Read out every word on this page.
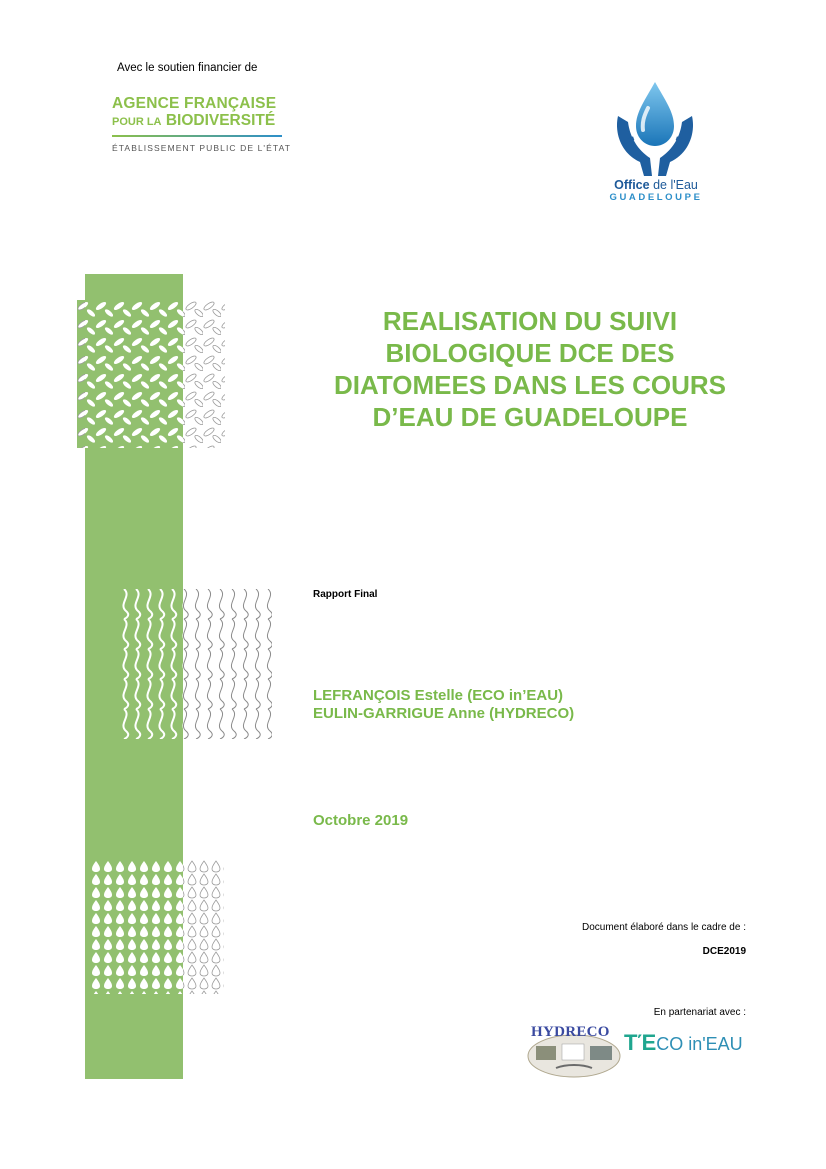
Avec le soutien financier de
AGENCE FRANÇAISE
POUR LA BIODIVERSITÉ
ÉTABLISSEMENT PUBLIC DE L'ÉTAT
Office de l'Eau
GUADELOUPE
REALISATION DU SUIVI
BIOLOGIQUE DCE DES
DIATOMEES DANS LES COURS
D’EAU DE GUADELOUPE
Rapport Final
LEFRANÇOIS Estelle (ECO in’EAU)
EULIN-GARRIGUE Anne (HYDRECO)
Octobre 2019
Document élaboré dans le cadre de :
DCE2019
En partenariat avec :
HYDRECO ΤΈCO in'EAU
